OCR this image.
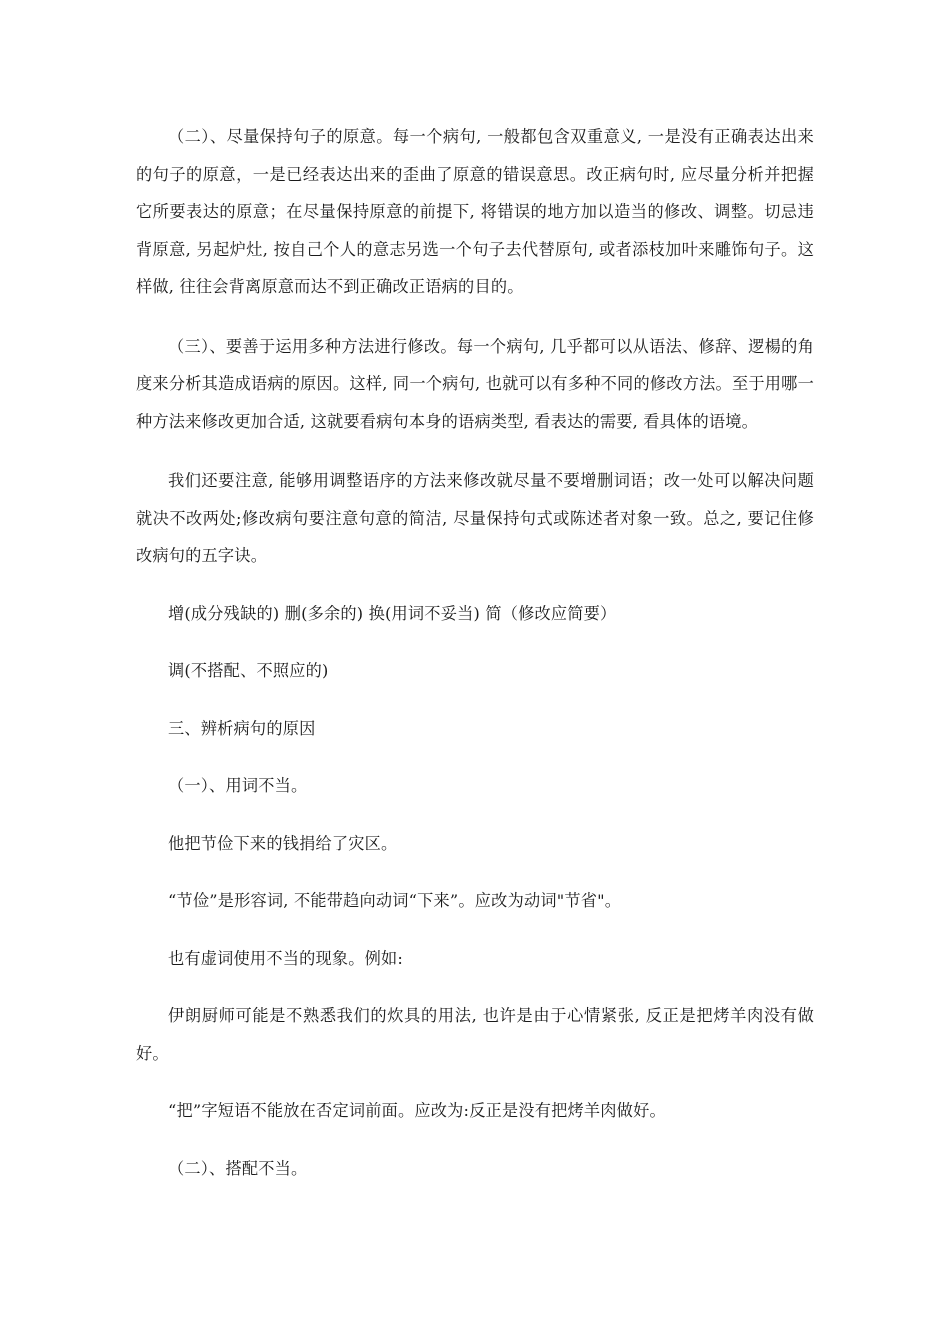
（二）、尽量保持句子的原意。每一个病句, 一般都包含双重意义, 一是没有正确表达出来的句子的原意，一是已经表达出来的歪曲了原意的错误意思。改正病句时, 应尽量分析并把握它所要表达的原意；在尽量保持原意的前提下, 将错误的地方加以造当的修改、调整。切忌违背原意, 另起炉灶, 按自己个人的意志另选一个句子去代替原句, 或者添枝加叶来雕饰句子。这样做, 往往会背离原意而达不到正确改正语病的目的。

（三）、要善于运用多种方法进行修改。每一个病句, 几乎都可以从语法、修辞、逻楊的角度来分析其造成语病的原因。这样, 同一个病句, 也就可以有多种不同的修改方法。至于用哪一种方法来修改更加合适, 这就要看病句本身的语病类型, 看表达的需要, 看具体的语境。

我们还要注意, 能够用调整语序的方法来修改就尽量不要增删词语；改一处可以解决问题就决不改两处;修改病句要注意句意的简洁, 尽量保持句式或陈述者对象一致。总之, 要记住修改病句的五字诀。

增(成分残缺的) 删(多余的) 换(用词不妥当) 简（修改应简要）

调(不搭配、不照应的)

三、辨析病句的原因

（一）、用词不当。

他把节俭下来的钱捐给了灾区。

“节俭”是形容词, 不能带趋向动词“下来”。应改为动词"节省"。

也有虚词使用不当的现象。例如:

伊朗厨师可能是不熟悉我们的炊具的用法, 也许是由于心情紧张, 反正是把烤羊肉没有做好。

“把”字短语不能放在否定词前面。应改为:反正是没有把烤羊肉做好。

（二）、搭配不当。
